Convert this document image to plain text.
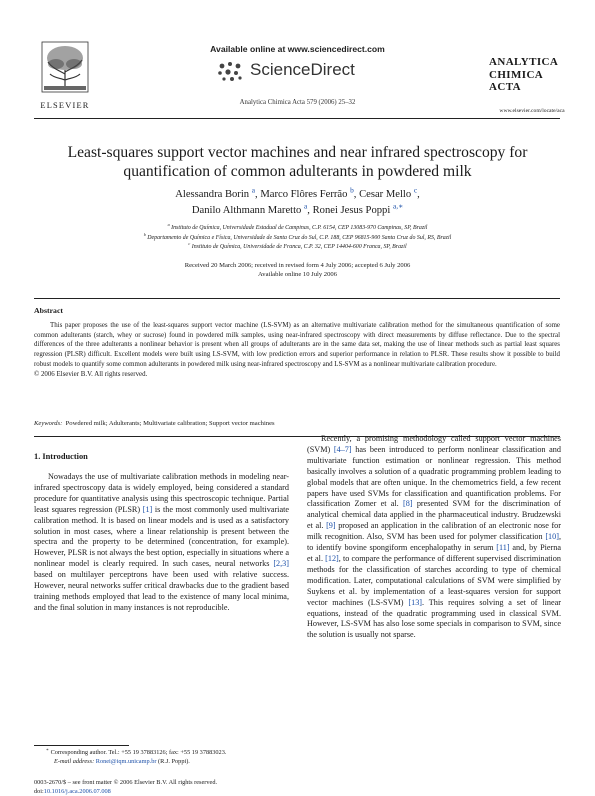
ELSEVIER
Available online at www.sciencedirect.com
ScienceDirect
Analytica Chimica Acta 579 (2006) 25–32
ANALYTICA
CHIMICA
ACTA
www.elsevier.com/locate/aca
Least-squares support vector machines and near infrared spectroscopy for
quantification of common adulterants in powdered milk
Alessandra Borin $^a$, Marco Flôres Ferrão $^b$, Cesar Mello $^c$,
Danilo Althmann Maretto $^a$, Ronei Jesus Poppi $^{a,∗}$
$^a$ Instituto de Química, Universidade Estadual de Campinas, C.P. 6154, CEP 13083-970 Campinas, SP, Brazil
$^b$ Departamento de Química e Física, Universidade de Santa Cruz do Sul, C.P. 188, CEP 96815-900 Santa Cruz do Sul, RS, Brazil
$^c$ Instituto de Química, Universidade de Franca, C.P. 32, CEP 14404-600 Franca, SP, Brazil
Received 20 March 2006; received in revised form 4 July 2006; accepted 6 July 2006
Available online 10 July 2006
Abstract

This paper proposes the use of the least-squares support vector machine (LS-SVM) as an alternative multivariate calibration method for the simultaneous quantification of some common adulterants (starch, whey or sucrose) found in powdered milk samples, using near-infrared spectroscopy with direct measurements by diffuse reflectance. Due to the spectral differences of the three adulterants a nonlinear behavior is present when all groups of adulterants are in the same data set, making the use of linear methods such as partial least squares regression (PLSR) difficult. Excellent models were built using LS-SVM, with low prediction errors and superior performance in relation to PLSR. These results show it possible to build robust models to quantify some common adulterants in powdered milk using near-infrared spectroscopy and LS-SVM as a nonlinear multivariate calibration procedure.

© 2006 Elsevier B.V. All rights reserved.

Keywords: Powdered milk; Adulterants; Multivariate calibration; Support vector machines
1. Introduction

Nowadays the use of multivariate calibration methods in modeling near-infrared spectroscopy data is widely employed, being considered a standard procedure for quantitative analysis using this spectroscopic technique. Partial least squares regression (PLSR) [1] is the most commonly used multivariate calibration method. It is based on linear models and is used as a satisfactory solution in most cases, where a linear relationship is present between the spectra and the property to be determined (concentration, for example). However, PLSR is not always the best option, especially in situations where a nonlinear model is clearly required. In such cases, neural networks [2,3] based on multilayer perceptrons have been used with relative success. However, neural networks suffer critical drawbacks due to the gradient based training methods employed that lead to the existence of many local minima, and the final solution in many instances is not reproducible.

Recently, a promising methodology called support vector machines (SVM) [4–7] has been introduced to perform nonlinear classification and multivariate function estimation or nonlinear regression. This method basically involves a solution of a quadratic programming problem leading to global models that are often unique. In the chemometrics field, a few recent papers have used SVMs for classification and quantification problems. For classification Zomer et al. [8] presented SVM for the discrimination of analytical chemical data applied in the pharmaceutical industry. Brudzewski et al. [9] proposed an application in the calibration of an electronic nose for milk recognition. Also, SVM has been used for polymer classification [10], to identify bovine spongiform encephalopathy in serum [11] and, by Pierna et al. [12], to compare the performance of different supervised discrimination methods for the classification of starches according to type of chemical modification. Later, computational calculations of SVM were simplified by Suykens et al. by implementation of a least-squares version for support vector machines (LS-SVM) [13]. This requires solving a set of linear equations, instead of the quadratic programming used in classical SVM. However, LS-SVM has also lose some specials in comparison to SVM, since the solution is usually not sparse.

∗ Corresponding author. Tel.: +55 19 37883126; fax: +55 19 37883023.
E-mail address: Ronei@iqm.unicamp.br (R.J. Poppi).
0003-2670/$ – see front matter © 2006 Elsevier B.V. All rights reserved.
doi:10.1016/j.aca.2006.07.008
